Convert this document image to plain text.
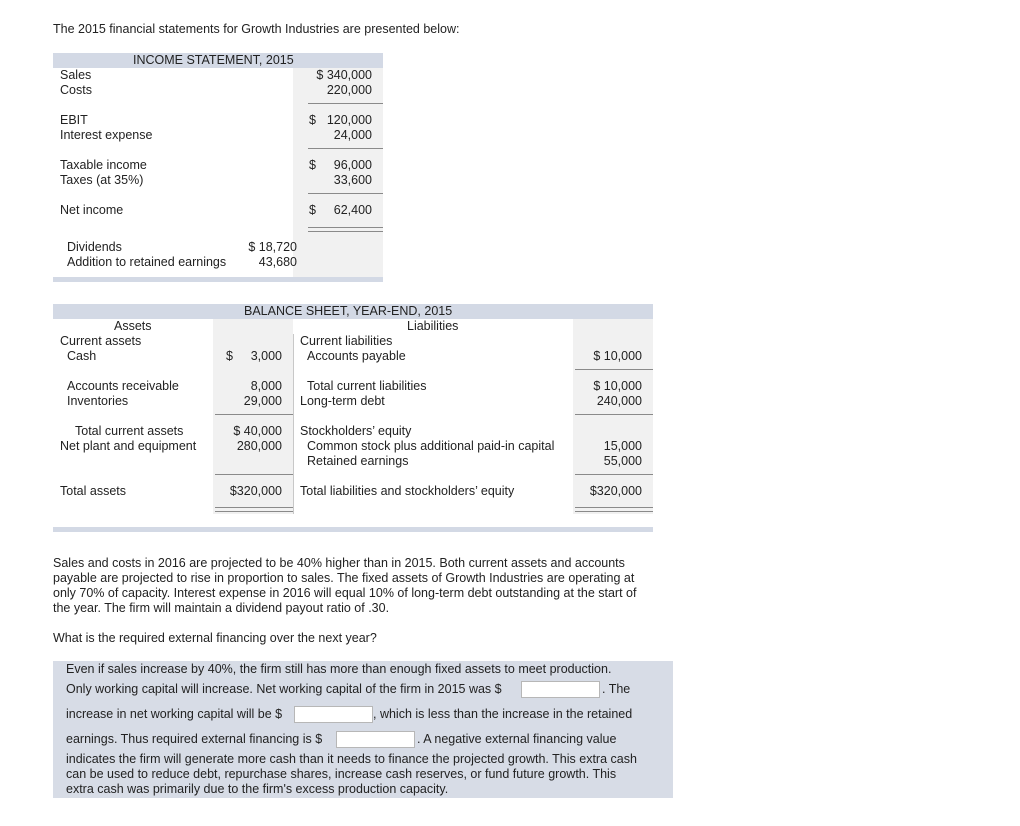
The 2015 financial statements for Growth Industries are presented below:
INCOME STATEMENT, 2015
Sales	$ 340,000
Costs	220,000
EBIT	$ 120,000
Interest expense	24,000
Taxable income	$	96,000
Taxes (at 35%)	33,600
Net income	$	62,400
Dividends	$ 18,720
Addition to retained earnings	43,680
BALANCE SHEET, YEAR-END, 2015
Assets	Liabilities
Current assets	Current liabilities
Cash	$	3,000 Accounts payable	$ 10,000
Accounts receivable	8,000 Total current liabilities	$ 10,000
Inventories	29,000 Long-term debt	240,000
Total current assets	$ 40,000 Stockholders’ equity
Net plant and equipment	280,000 Common stock plus additional paid-in capital	15,000
Retained earnings	55,000
Total assets	$320,000 Total liabilities and stockholders’ equity	$320,000
Sales and costs in 2016 are projected to be 40% higher than in 2015. Both current assets and accounts
payable are projected to rise in proportion to sales. The fixed assets of Growth Industries are operating at
only 70% of capacity. Interest expense in 2016 will equal 10% of long-term debt outstanding at the start of
the year. The firm will maintain a dividend payout ratio of .30.
What is the required external financing over the next year?
Even if sales increase by 40%, the firm still has more than enough fixed assets to meet production.
Only working capital will increase. Net working capital of the firm in 2015 was $	. The
increase in net working capital will be $	, which is less than the increase in the retained
earnings. Thus required external financing is $	. A negative external financing value
indicates the firm will generate more cash than it needs to finance the projected growth. This extra cash
can be used to reduce debt, repurchase shares, increase cash reserves, or fund future growth. This
extra cash was primarily due to the firm's excess production capacity.
